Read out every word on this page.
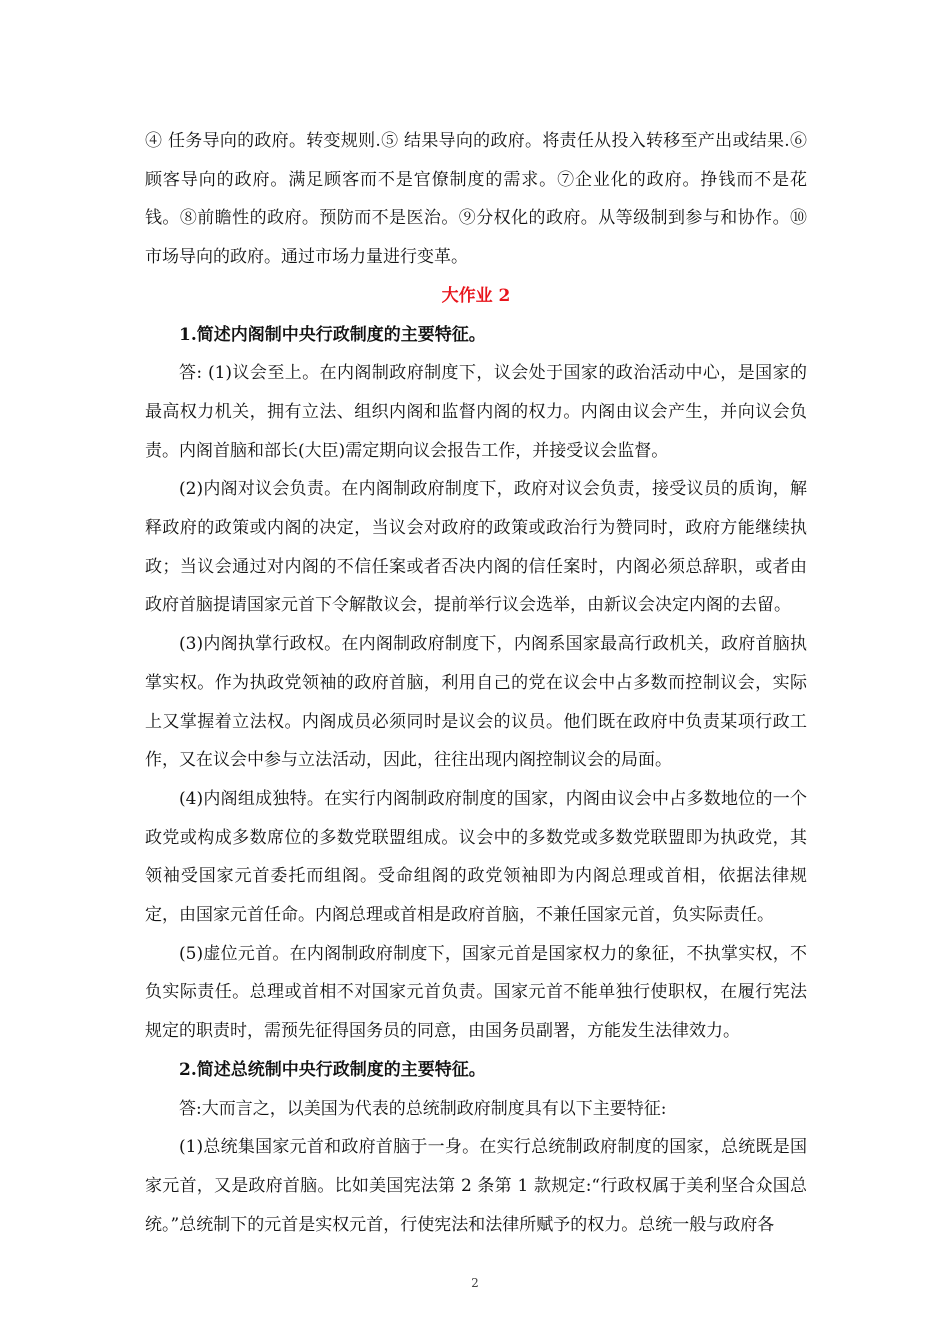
④ 任务导向的政府。转变规则.⑤ 结果导向的政府。将责任从投入转移至产出或结果.⑥顾客导向的政府。满足顾客而不是官僚制度的需求。⑦企业化的政府。挣钱而不是花钱。⑧前瞻性的政府。预防而不是医治。⑨分权化的政府。从等级制到参与和协作。⑩市场导向的政府。通过市场力量进行变革。

大作业 2

1.简述内阁制中央行政制度的主要特征。

答: (1)议会至上。在内阁制政府制度下，议会处于国家的政治活动中心，是国家的最高权力机关，拥有立法、组织内阁和监督内阁的权力。内阁由议会产生，并向议会负责。内阁首脑和部长(大臣)需定期向议会报告工作，并接受议会监督。

(2)内阁对议会负责。在内阁制政府制度下，政府对议会负责，接受议员的质询，解释政府的政策或内阁的决定，当议会对政府的政策或政治行为赞同时，政府方能继续执政；当议会通过对内阁的不信任案或者否决内阁的信任案时，内阁必须总辞职，或者由政府首脑提请国家元首下令解散议会，提前举行议会选举，由新议会决定内阁的去留。

(3)内阁执掌行政权。在内阁制政府制度下，内阁系国家最高行政机关，政府首脑执掌实权。作为执政党领袖的政府首脑，利用自己的党在议会中占多数而控制议会，实际上又掌握着立法权。内阁成员必须同时是议会的议员。他们既在政府中负责某项行政工作，又在议会中参与立法活动，因此，往往出现内阁控制议会的局面。

(4)内阁组成独特。在实行内阁制政府制度的国家，内阁由议会中占多数地位的一个政党或构成多数席位的多数党联盟组成。议会中的多数党或多数党联盟即为执政党，其领袖受国家元首委托而组阁。受命组阁的政党领袖即为内阁总理或首相，依据法律规定，由国家元首任命。内阁总理或首相是政府首脑，不兼任国家元首，负实际责任。

(5)虚位元首。在内阁制政府制度下，国家元首是国家权力的象征，不执掌实权，不负实际责任。总理或首相不对国家元首负责。国家元首不能单独行使职权，在履行宪法规定的职责时，需预先征得国务员的同意，由国务员副署，方能发生法律效力。

2.简述总统制中央行政制度的主要特征。

答:大而言之，以美国为代表的总统制政府制度具有以下主要特征:

(1)总统集国家元首和政府首脑于一身。在实行总统制政府制度的国家，总统既是国家元首，又是政府首脑。比如美国宪法第 2 条第 1 款规定:“行政权属于美利坚合众国总统。”总统制下的元首是实权元首，行使宪法和法律所赋予的权力。总统一般与政府各

2
